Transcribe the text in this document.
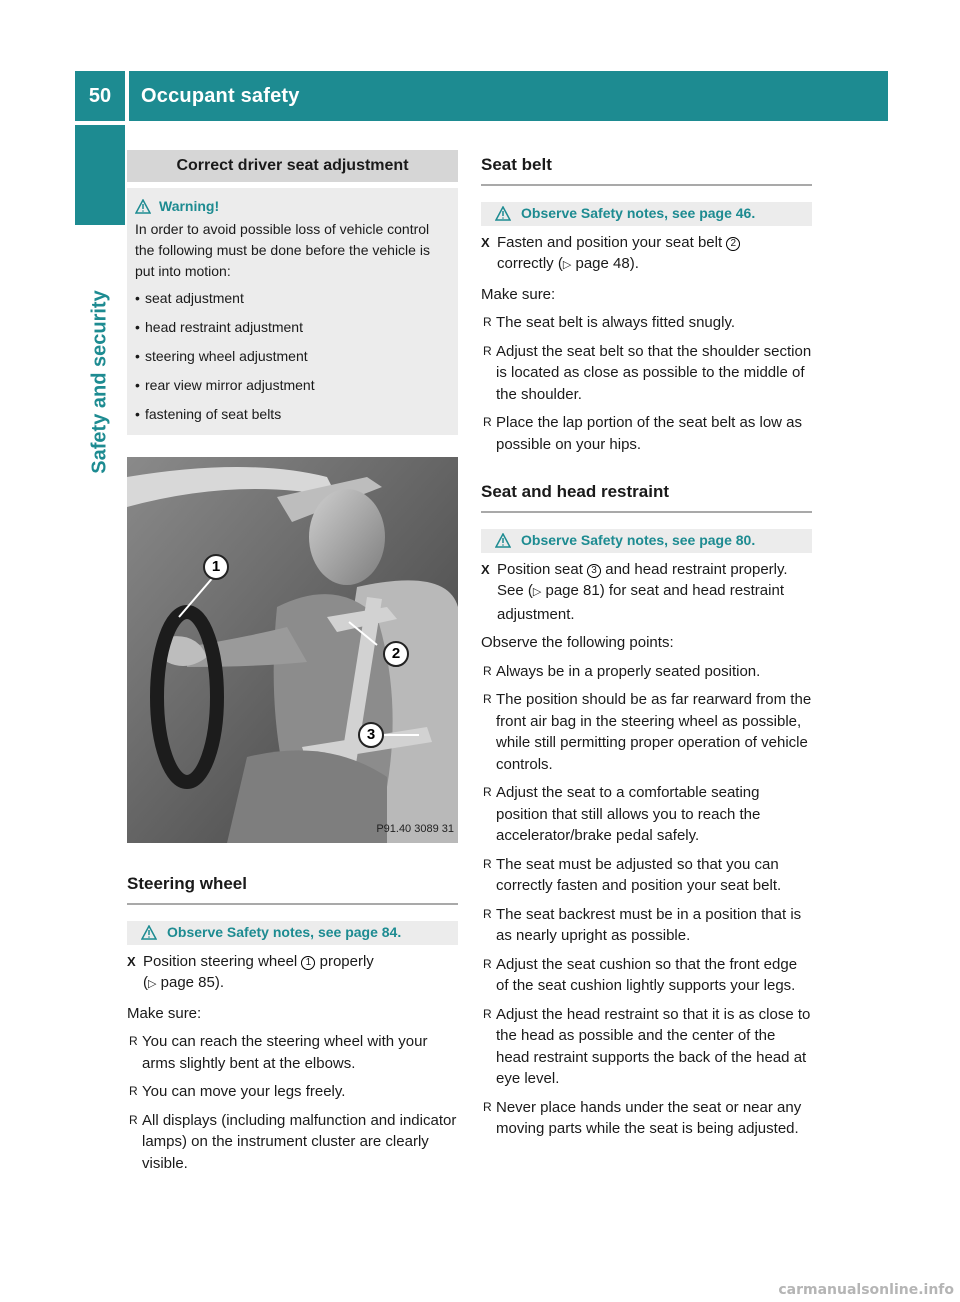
50	Occupant safety
Safety and security
Correct driver seat adjustment
Warning!
In order to avoid possible loss of vehicle control the following must be done before the vehicle is put into motion:
• seat adjustment
• head restraint adjustment
• steering wheel adjustment
• rear view mirror adjustment
• fastening of seat belts
1
2
3
P91.40 3089 31
Steering wheel
Observe Safety notes, see page 84.
X Position steering wheel 1 properly
(▷ page 85).
Make sure:
R You can reach the steering wheel with your arms slightly bent at the elbows.
R You can move your legs freely.
R All displays (including malfunction and indicator lamps) on the instrument cluster are clearly visible.
Seat belt
Observe Safety notes, see page 46.
X Fasten and position your seat belt 2
correctly (▷ page 48).
Make sure:
R The seat belt is always fitted snugly.
R Adjust the seat belt so that the shoulder section is located as close as possible to the middle of the shoulder.
R Place the lap portion of the seat belt as low as possible on your hips.
Seat and head restraint
Observe Safety notes, see page 80.
X Position seat 3 and head restraint properly. See (▷ page 81) for seat and head restraint adjustment.
Observe the following points:
R Always be in a properly seated position.
R The position should be as far rearward from the front air bag in the steering wheel as possible, while still permitting proper operation of vehicle controls.
R Adjust the seat to a comfortable seating position that still allows you to reach the accelerator/brake pedal safely.
R The seat must be adjusted so that you can correctly fasten and position your seat belt.
R The seat backrest must be in a position that is as nearly upright as possible.
R Adjust the seat cushion so that the front edge of the seat cushion lightly supports your legs.
R Adjust the head restraint so that it is as close to the head as possible and the center of the head restraint supports the back of the head at eye level.
R Never place hands under the seat or near any moving parts while the seat is being adjusted.
carmanualsonline.info
